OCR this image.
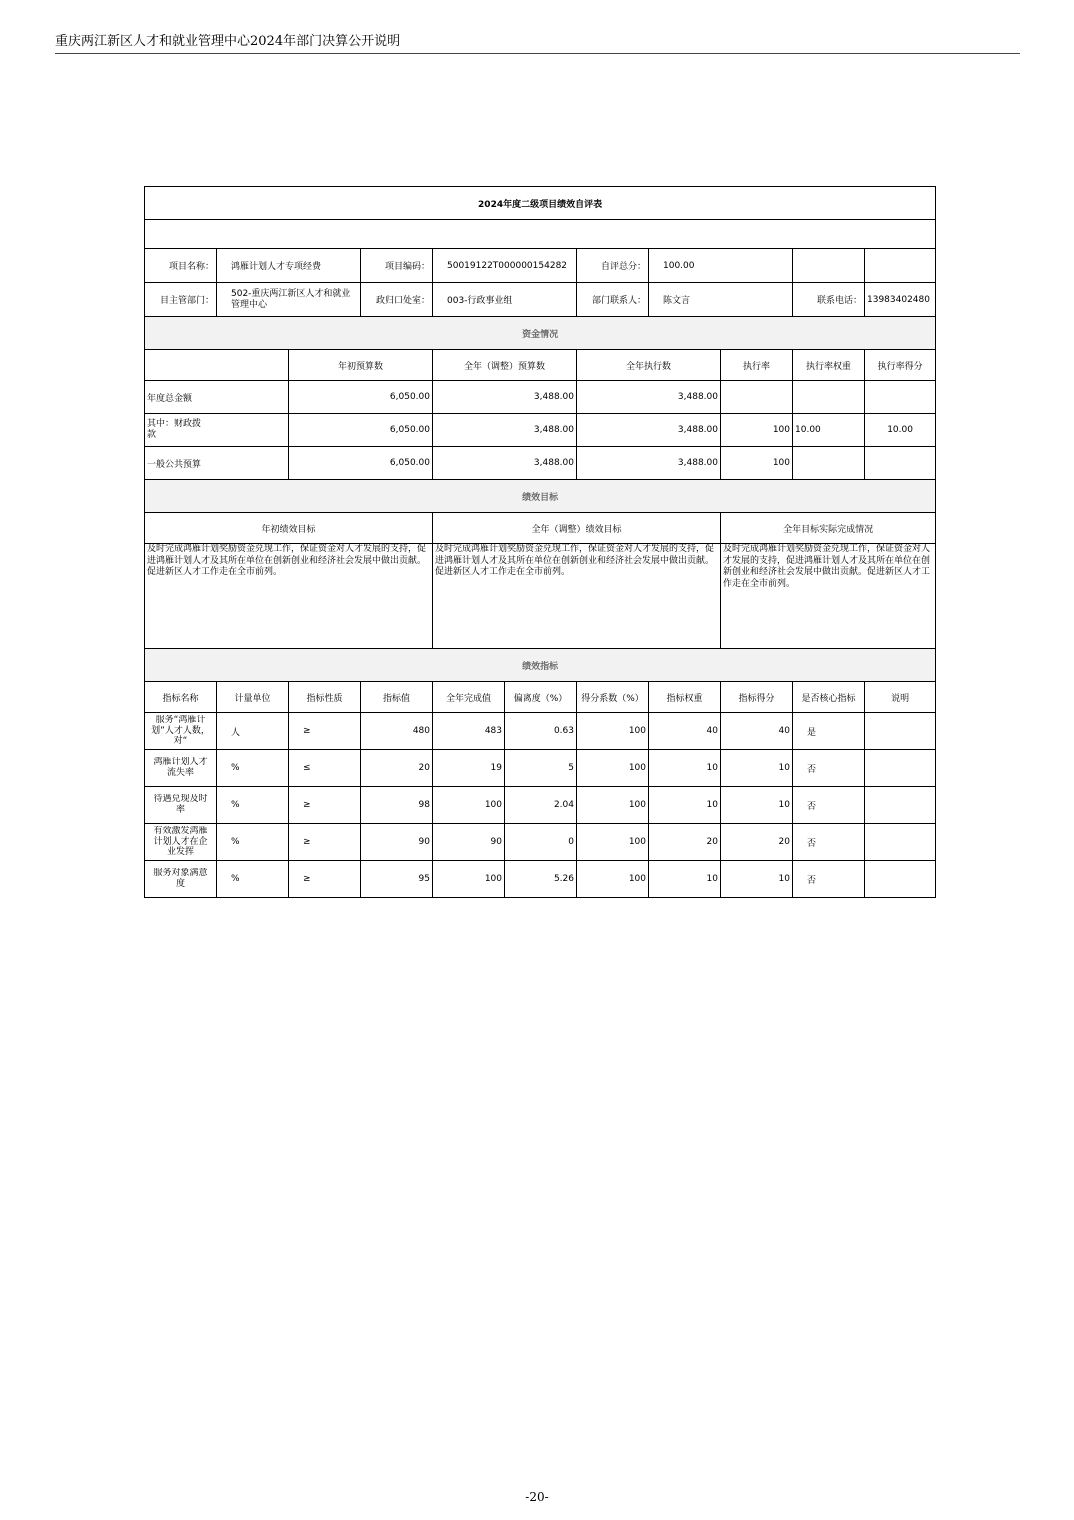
重庆两江新区人才和就业管理中心2024年部门决算公开说明
2024年度二级项目绩效自评表										

项目名称：	鸿雁计划人才专项经费		项目编码：	50019122T000000154282		自评总分：	100.00			
目主管部门：	502-重庆两江新区人才和就业管理中心		政归口处室：	003-行政事业组		部门联系人：	陈文言		联系电话：	13983402480
资金情况										
		年初预算数		全年（调整）预算数		全年执行数		执行率	执行率权重	执行率得分
年度总金额		6,050.00		3,488.00		3,488.00				

其中：财政拨款		6,050.00		3,488.00		3,488.00		100	10.00	10.00
一般公共预算		6,050.00		3,488.00		3,488.00		100		
绩效目标										
年初绩效目标				全年（调整）绩效目标				全年目标实际完成情况		
及时完成鸿雁计划奖励资金兑现工作，保证资金对人才发展的支持，促进鸿雁计划人才及其所在单位在创新创业和经济社会发展中做出贡献。促进新区人才工作走在全市前列。				及时完成鸿雁计划奖励资金兑现工作，保证资金对人才发展的支持，促进鸿雁计划人才及其所在单位在创新创业和经济社会发展中做出贡献。促进新区人才工作走在全市前列。				及时完成鸿雁计划奖励资金兑现工作，保证资金对人才发展的支持，促进鸿雁计划人才及其所在单位在创新创业和经济社会发展中做出贡献。促进新区人才工作走在全市前列。		
绩效指标										
指标名称	计量单位	指标性质	指标值	全年完成值	偏离度（%）	得分系数（%）	指标权重	指标得分	是否核心指标	说明

服务“鸿雁计划”人才人数，对“	人	≥	480	483	0.63	100	40	40	是	

鸿雁计划人才流失率	%	≤	20	19	5	100	10	10	否	

待遇兑现及时率	%	≥	98	100	2.04	100	10	10	否	

有效激发鸿雁计划人才在企业发挥	%	≥	90	90	0	100	20	20	否	

服务对象满意度	%	≥	95	100	5.26	100	10	10	否	
-20-
